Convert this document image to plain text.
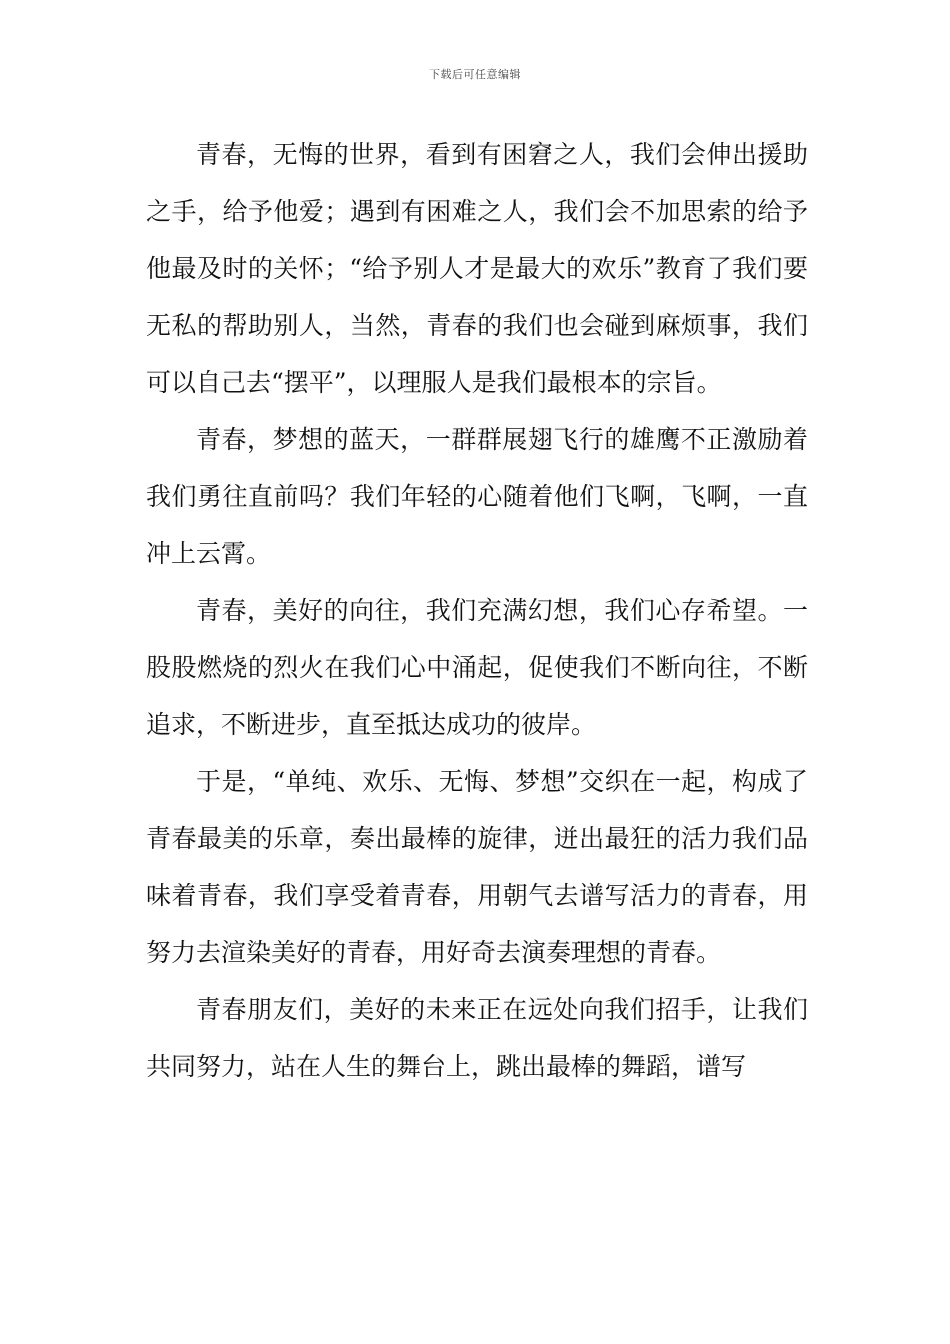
下载后可任意编辑

青春，无悔的世界，看到有困窘之人，我们会伸出援助之手，给予他爱；遇到有困难之人，我们会不加思索的给予他最及时的关怀；“给予别人才是最大的欢乐”教育了我们要无私的帮助别人，当然，青春的我们也会碰到麻烦事，我们可以自己去“摆平”，以理服人是我们最根本的宗旨。

青春，梦想的蓝天，一群群展翅飞行的雄鹰不正激励着我们勇往直前吗？我们年轻的心随着他们飞啊，飞啊，一直冲上云霄。

青春，美好的向往，我们充满幻想，我们心存希望。一股股燃烧的烈火在我们心中涌起，促使我们不断向往，不断追求，不断进步，直至抵达成功的彼岸。

于是，“单纯、欢乐、无悔、梦想”交织在一起，构成了青春最美的乐章，奏出最棒的旋律，迸出最狂的活力我们品味着青春，我们享受着青春，用朝气去谱写活力的青春，用努力去渲染美好的青春，用好奇去演奏理想的青春。

青春朋友们，美好的未来正在远处向我们招手，让我们共同努力，站在人生的舞台上，跳出最棒的舞蹈，谱写
